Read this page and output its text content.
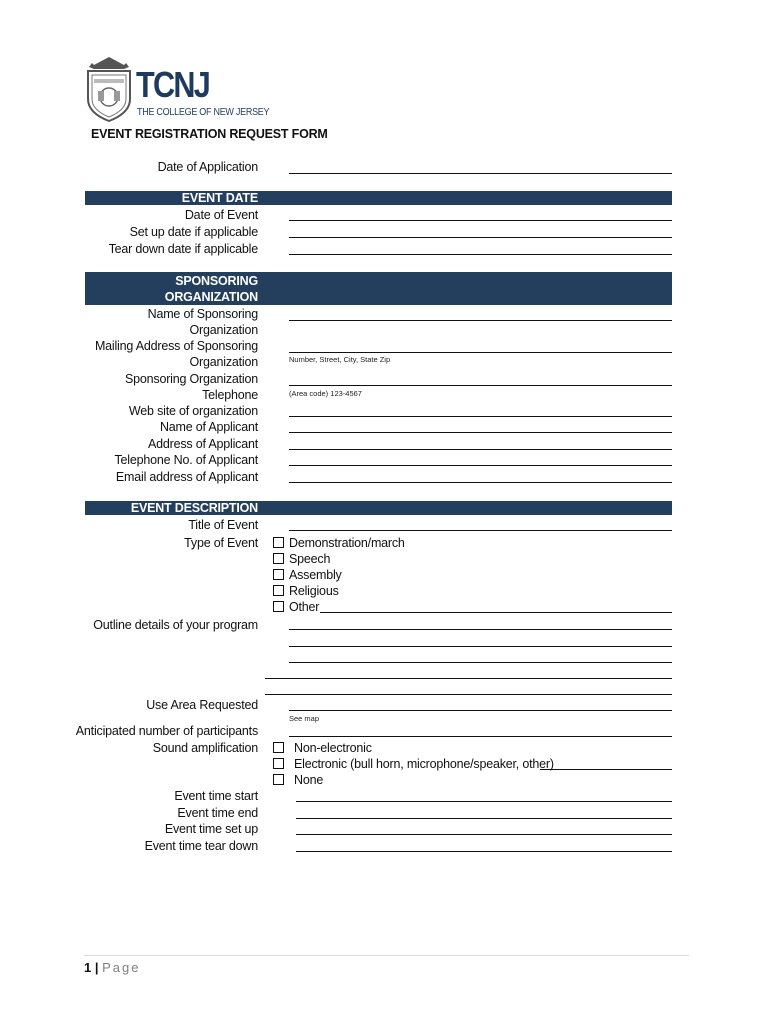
TCNJ
THE COLLEGE OF NEW JERSEY
EVENT REGISTRATION REQUEST FORM
Date of Application
EVENT DATE
Date of Event
Set up date if applicable
Tear down date if applicable
SPONSORING
ORGANIZATION
Name of Sponsoring
Organization
Mailing Address of Sponsoring
Organization	Number, Street, City, State Zip
Sponsoring Organization
Telephone	(Area code) 123-4567
Web site of organization
Name of Applicant
Address of Applicant
Telephone No. of Applicant
Email address of Applicant
EVENT DESCRIPTION
Title of Event
Type of Event Demonstration/march
Speech
Assembly
Religious
Other
Outline details of your program
Use Area Requested
See map
Anticipated number of participants
Sound amplification	Non-electronic
Electronic (bull horn, microphone/speaker, other)
None
Event time start
Event time end
Event time set up
Event time tear down
1 | Page
